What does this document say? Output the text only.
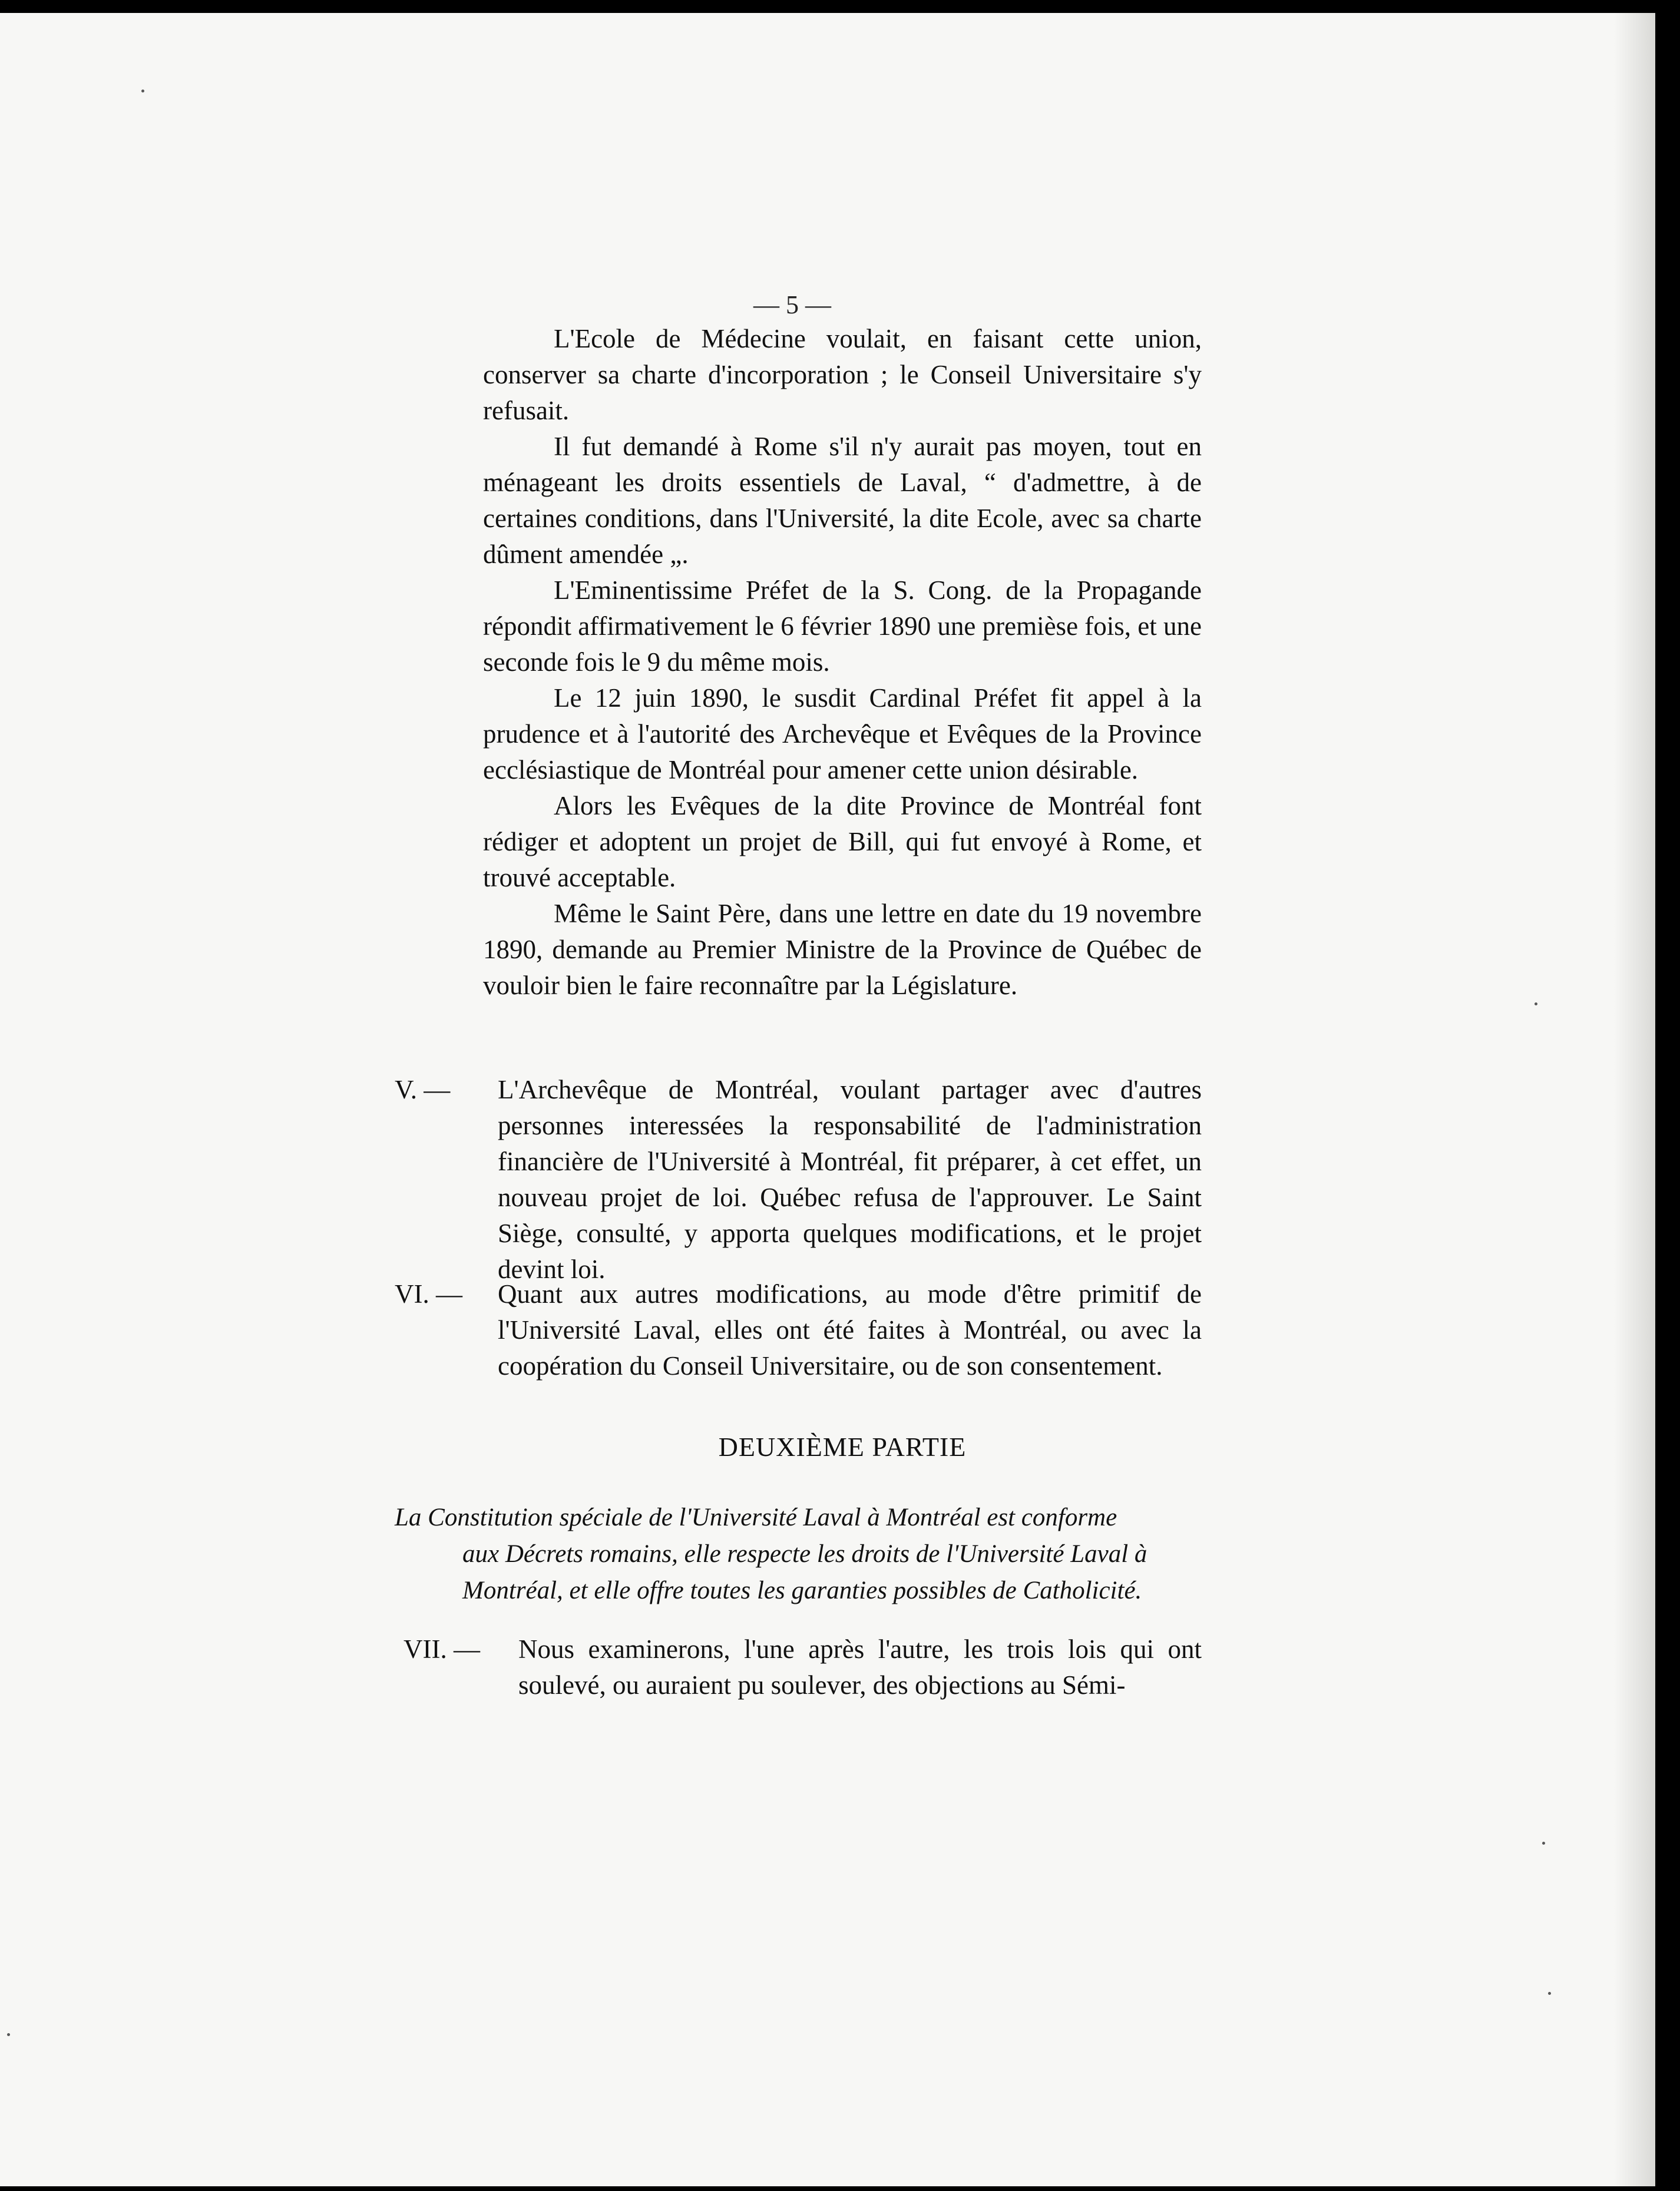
— 5 —

L'Ecole de Médecine voulait, en faisant cette union, conserver sa charte d'incorporation ; le Conseil Universitaire s'y refusait.

Il fut demandé à Rome s'il n'y aurait pas moyen, tout en ménageant les droits essentiels de Laval, “ d'admettre, à de certaines conditions, dans l'Université, la dite Ecole, avec sa charte dûment amendée „.

L'Eminentissime Préfet de la S. Cong. de la Propagande répondit affirmativement le 6 février 1890 une premièse fois, et une seconde fois le 9 du même mois.

Le 12 juin 1890, le susdit Cardinal Préfet fit appel à la prudence et à l'autorité des Archevêque et Evêques de la Province ecclésiastique de Montréal pour amener cette union désirable.

Alors les Evêques de la dite Province de Montréal font rédiger et adoptent un projet de Bill, qui fut envoyé à Rome, et trouvé acceptable.

Même le Saint Père, dans une lettre en date du 19 novembre 1890, demande au Premier Ministre de la Province de Québec de vouloir bien le faire reconnaître par la Législature.

V. —	L'Archevêque de Montréal, voulant partager avec d'autres personnes interessées la responsabilité de l'administration financière de l'Université à Montréal, fit préparer, à cet effet, un nouveau projet de loi. Québec refusa de l'approuver. Le Saint Siège, consulté, y apporta quelques modifications, et le projet devint loi.
VI. —	Quant aux autres modifications, au mode d'être primitif de l'Université Laval, elles ont été faites à Montréal, ou avec la coopération du Conseil Universitaire, ou de son consentement.
DEUXIÈME PARTIE
La Constitution spéciale de l'Université Laval à Montréal est conforme
aux Décrets romains, elle respecte les droits de l'Université Laval à
Montréal, et elle offre toutes les garanties possibles de Catholicité.
VII. —	Nous examinerons, l'une après l'autre, les trois lois qui ont soulevé, ou auraient pu soulever, des objections au Sémi-
